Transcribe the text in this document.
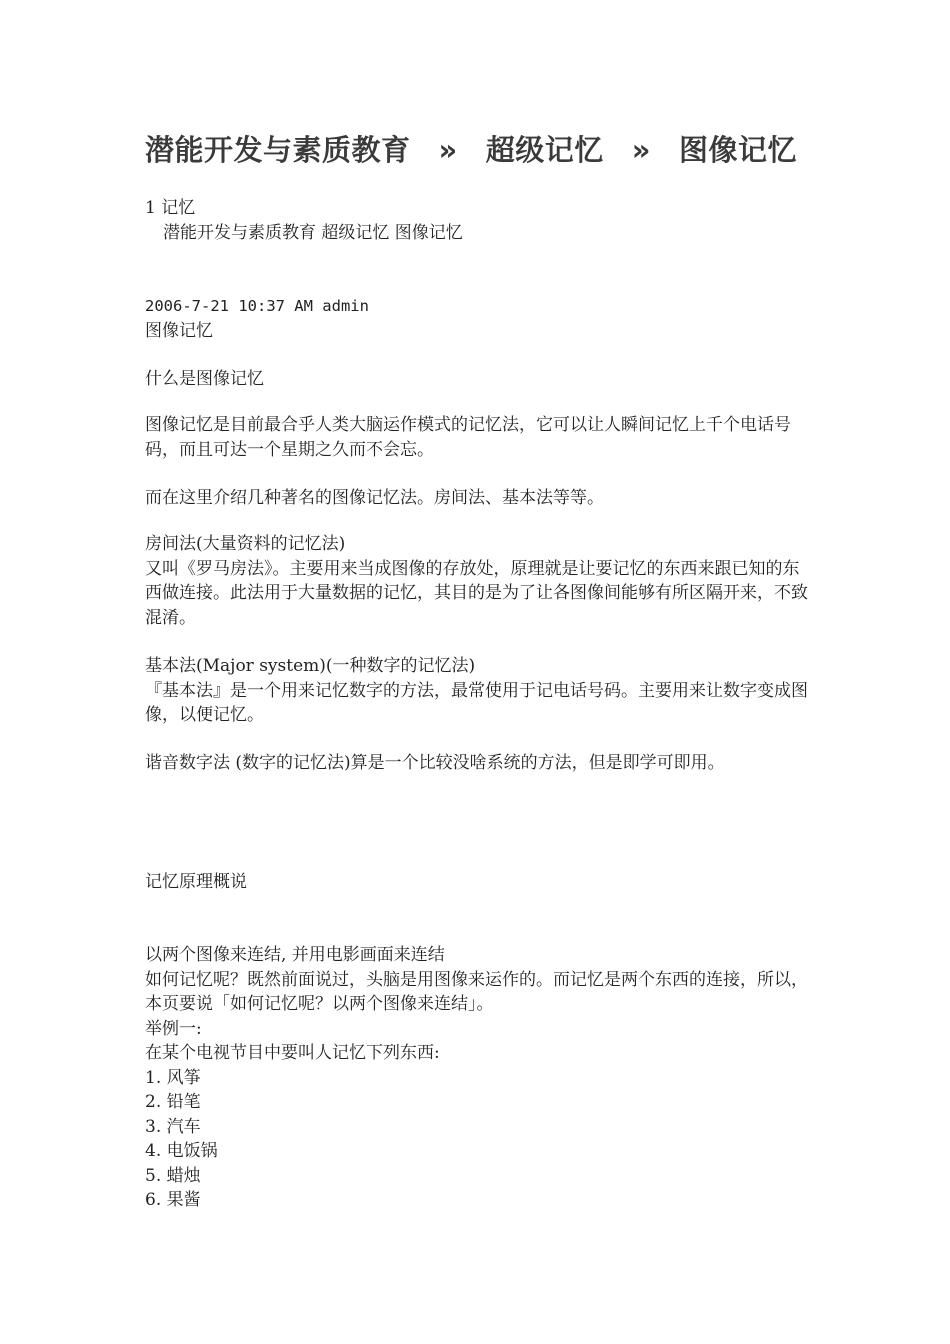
潜能开发与素质教育 » 超级记忆 » 图像记忆

1 记忆

潜能开发与素质教育 超级记忆 图像记忆

2006-7-21 10:37 AM admin

图像记忆

什么是图像记忆

图像记忆是目前最合乎人类大脑运作模式的记忆法，它可以让人瞬间记忆上千个电话号码，而且可达一个星期之久而不会忘。

而在这里介绍几种著名的图像记忆法。房间法、基本法等等。

房间法(大量资料的记忆法)

又叫《罗马房法》。主要用来当成图像的存放处，原理就是让要记忆的东西来跟已知的东西做连接。此法用于大量数据的记忆，其目的是为了让各图像间能够有所区隔开来，不致混淆。

基本法(Major system)(一种数字的记忆法)

『基本法』是一个用来记忆数字的方法，最常使用于记电话号码。主要用来让数字变成图像，以便记忆。

谐音数字法 (数字的记忆法)算是一个比较没啥系统的方法，但是即学可即用。

记忆原理概说

以两个图像来连结, 并用电影画面来连结

如何记忆呢？既然前面说过，头脑是用图像来运作的。而记忆是两个东西的连接，所以，本页要说「如何记忆呢？以两个图像来连结」。

举例一:

在某个电视节目中要叫人记忆下列东西:

1. 风筝

2. 铅笔

3. 汽车

4. 电饭锅

5. 蜡烛

6. 果酱
